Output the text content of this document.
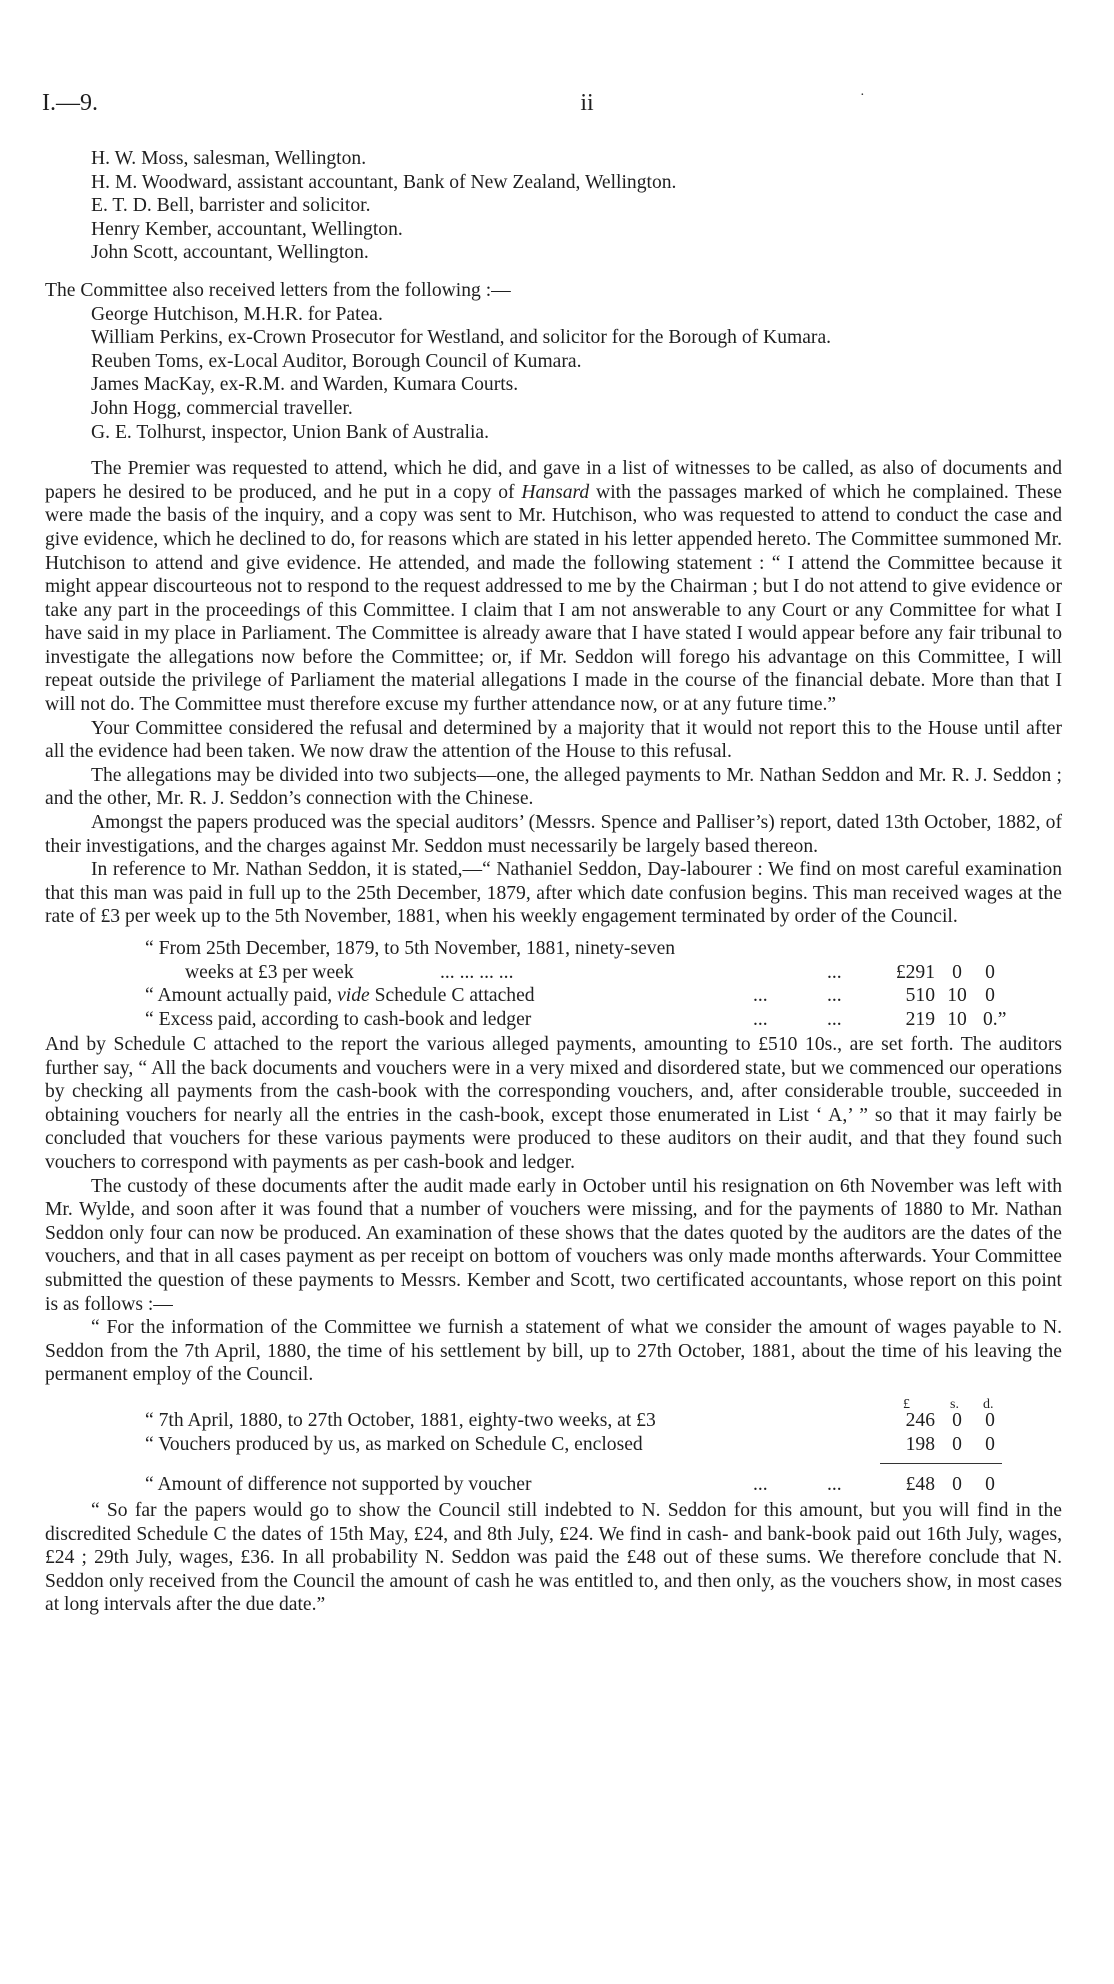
I.—9.	ii	·

H. W. Moss, salesman, Wellington.

H. M. Woodward, assistant accountant, Bank of New Zealand, Wellington.

E. T. D. Bell, barrister and solicitor.

Henry Kember, accountant, Wellington.

John Scott, accountant, Wellington.

The Committee also received letters from the following :—

George Hutchison, M.H.R. for Patea.

William Perkins, ex-Crown Prosecutor for Westland, and solicitor for the Borough of Kumara.

Reuben Toms, ex-Local Auditor, Borough Council of Kumara.

James MacKay, ex-R.M. and Warden, Kumara Courts.

John Hogg, commercial traveller.

G. E. Tolhurst, inspector, Union Bank of Australia.

The Premier was requested to attend, which he did, and gave in a list of witnesses to be called, as also of documents and papers he desired to be produced, and he put in a copy of Hansard with the passages marked of which he complained. These were made the basis of the inquiry, and a copy was sent to Mr. Hutchison, who was requested to attend to conduct the case and give evidence, which he declined to do, for reasons which are stated in his letter appended hereto. The Committee summoned Mr. Hutchison to attend and give evidence. He attended, and made the following statement : “ I attend the Committee because it might appear discourteous not to respond to the request addressed to me by the Chairman ; but I do not attend to give evidence or take any part in the proceedings of this Committee. I claim that I am not answerable to any Court or any Committee for what I have said in my place in Parliament. The Committee is already aware that I have stated I would appear before any fair tribunal to investigate the allegations now before the Committee; or, if Mr. Seddon will forego his advantage on this Committee, I will repeat outside the privilege of Parliament the material allegations I made in the course of the financial debate. More than that I will not do. The Committee must therefore excuse my further attendance now, or at any future time.”

Your Committee considered the refusal and determined by a majority that it would not report this to the House until after all the evidence had been taken. We now draw the attention of the House to this refusal.

The allegations may be divided into two subjects—one, the alleged payments to Mr. Nathan Seddon and Mr. R. J. Seddon ; and the other, Mr. R. J. Seddon’s connection with the Chinese.

Amongst the papers produced was the special auditors’ (Messrs. Spence and Palliser’s) report, dated 13th October, 1882, of their investigations, and the charges against Mr. Seddon must necessarily be largely based thereon.

In reference to Mr. Nathan Seddon, it is stated,—“ Nathaniel Seddon, Day-labourer : We find on most careful examination that this man was paid in full up to the 25th December, 1879, after which date confusion begins. This man received wages at the rate of £3 per week up to the 5th November, 1881, when his weekly engagement terminated by order of the Council.

“ From 25th December, 1879, to 5th November, 1881, ninety-seven
weeks at £3 per week	... ... ... ...	...	£291 0 0
“ Amount actually paid, vide Schedule C attached	...	...	510 10 0
“ Excess paid, according to cash-book and ledger	...	...	219 10 0.”

And by Schedule C attached to the report the various alleged payments, amounting to £510 10s., are set forth. The auditors further say, “ All the back documents and vouchers were in a very mixed and disordered state, but we commenced our operations by checking all payments from the cash-book with the corresponding vouchers, and, after considerable trouble, succeeded in obtaining vouchers for nearly all the entries in the cash-book, except those enumerated in List ‘ A,’ ” so that it may fairly be concluded that vouchers for these various payments were produced to these auditors on their audit, and that they found such vouchers to correspond with payments as per cash-book and ledger.

The custody of these documents after the audit made early in October until his resignation on 6th November was left with Mr. Wylde, and soon after it was found that a number of vouchers were missing, and for the payments of 1880 to Mr. Nathan Seddon only four can now be produced. An examination of these shows that the dates quoted by the auditors are the dates of the vouchers, and that in all cases payment as per receipt on bottom of vouchers was only made months afterwards. Your Committee submitted the question of these payments to Messrs. Kember and Scott, two certificated accountants, whose report on this point is as follows :—

“ For the information of the Committee we furnish a statement of what we consider the amount of wages payable to N. Seddon from the 7th April, 1880, the time of his settlement by bill, up to 27th October, 1881, about the time of his leaving the permanent employ of the Council.

£	s. d.
“ 7th April, 1880, to 27th October, 1881, eighty-two weeks, at £3	246 0 0
“ Vouchers produced by us, as marked on Schedule C, enclosed	198 0 0
“ Amount of difference not supported by voucher	...	...	£48 0 0

“ So far the papers would go to show the Council still indebted to N. Seddon for this amount, but you will find in the discredited Schedule C the dates of 15th May, £24, and 8th July, £24. We find in cash- and bank-book paid out 16th July, wages, £24 ; 29th July, wages, £36. In all probability N. Seddon was paid the £48 out of these sums. We therefore conclude that N. Seddon only received from the Council the amount of cash he was entitled to, and then only, as the vouchers show, in most cases at long intervals after the due date.”
